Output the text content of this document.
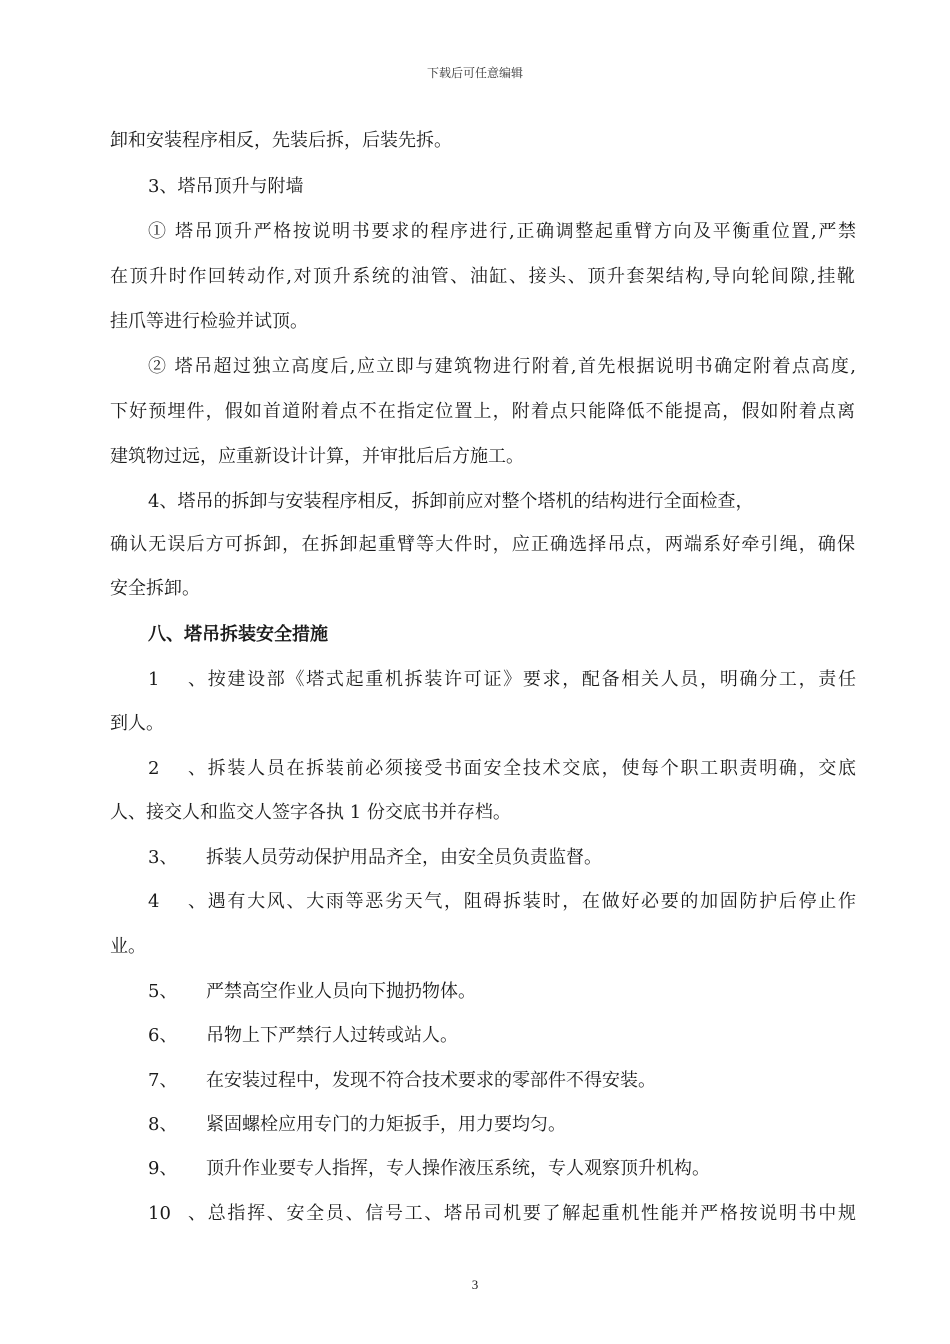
下载后可任意编辑
卸和安装程序相反，先装后拆，后装先拆。
3、塔吊顶升与附墙
① 塔吊顶升严格按说明书要求的程序进行,正确调整起重臂方向及平衡重位置,严禁
在顶升时作回转动作,对顶升系统的油管、油缸、接头、顶升套架结构,导向轮间隙,挂靴
挂爪等进行检验并试顶。
② 塔吊超过独立高度后,应立即与建筑物进行附着,首先根据说明书确定附着点高度,
下好预埋件，假如首道附着点不在指定位置上，附着点只能降低不能提高，假如附着点离
建筑物过远，应重新设计计算，并审批后后方施工。
4、塔吊的拆卸与安装程序相反，拆卸前应对整个塔机的结构进行全面检查，
确认无误后方可拆卸，在拆卸起重臂等大件时，应正确选择吊点，两端系好牵引绳，确保
安全拆卸。
八、塔吊拆装安全措施
1、按建设部《塔式起重机拆装许可证》要求，配备相关人员，明确分工，责任
到人。
2、拆装人员在拆装前必须接受书面安全技术交底，使每个职工职责明确，交底
人、接交人和监交人签字各执 1 份交底书并存档。
3、 拆装人员劳动保护用品齐全，由安全员负责监督。
4、遇有大风、大雨等恶劣天气，阻碍拆装时，在做好必要的加固防护后停止作
业。
5、 严禁高空作业人员向下抛扔物体。
6、 吊物上下严禁行人过转或站人。
7、 在安装过程中，发现不符合技术要求的零部件不得安装。
8、 紧固螺栓应用专门的力矩扳手，用力要均匀。
9、 顶升作业要专人指挥，专人操作液压系统，专人观察顶升机构。
10、总指挥、安全员、信号工、塔吊司机要了解起重机性能并严格按说明书中规
3
